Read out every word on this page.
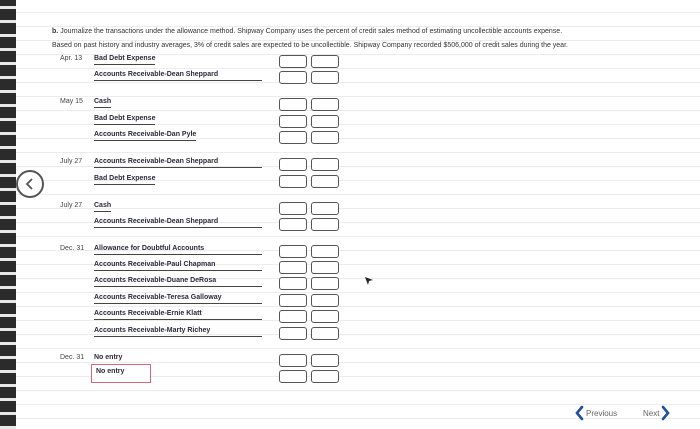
b. Journalize the transactions under the allowance method. Shipway Company uses the percent of credit sales method of estimating uncollectible accounts expense.
Based on past history and industry averages, 3% of credit sales are expected to be uncollectible. Shipway Company recorded $506,000 of credit sales during the year.
Apr. 13 Bad Debt Expense
Accounts Receivable-Dean Sheppard
May 15 Cash
Bad Debt Expense
Accounts Receivable-Dan Pyle
July 27 Accounts Receivable-Dean Sheppard
Bad Debt Expense
July 27 Cash
Accounts Receivable-Dean Sheppard
Dec. 31 Allowance for Doubtful Accounts
Accounts Receivable-Paul Chapman
Accounts Receivable-Duane DeRosa
Accounts Receivable-Teresa Galloway
Accounts Receivable-Ernie Klatt
Accounts Receivable-Marty Richey
Dec. 31 No entry
No entry
Previous	Next
